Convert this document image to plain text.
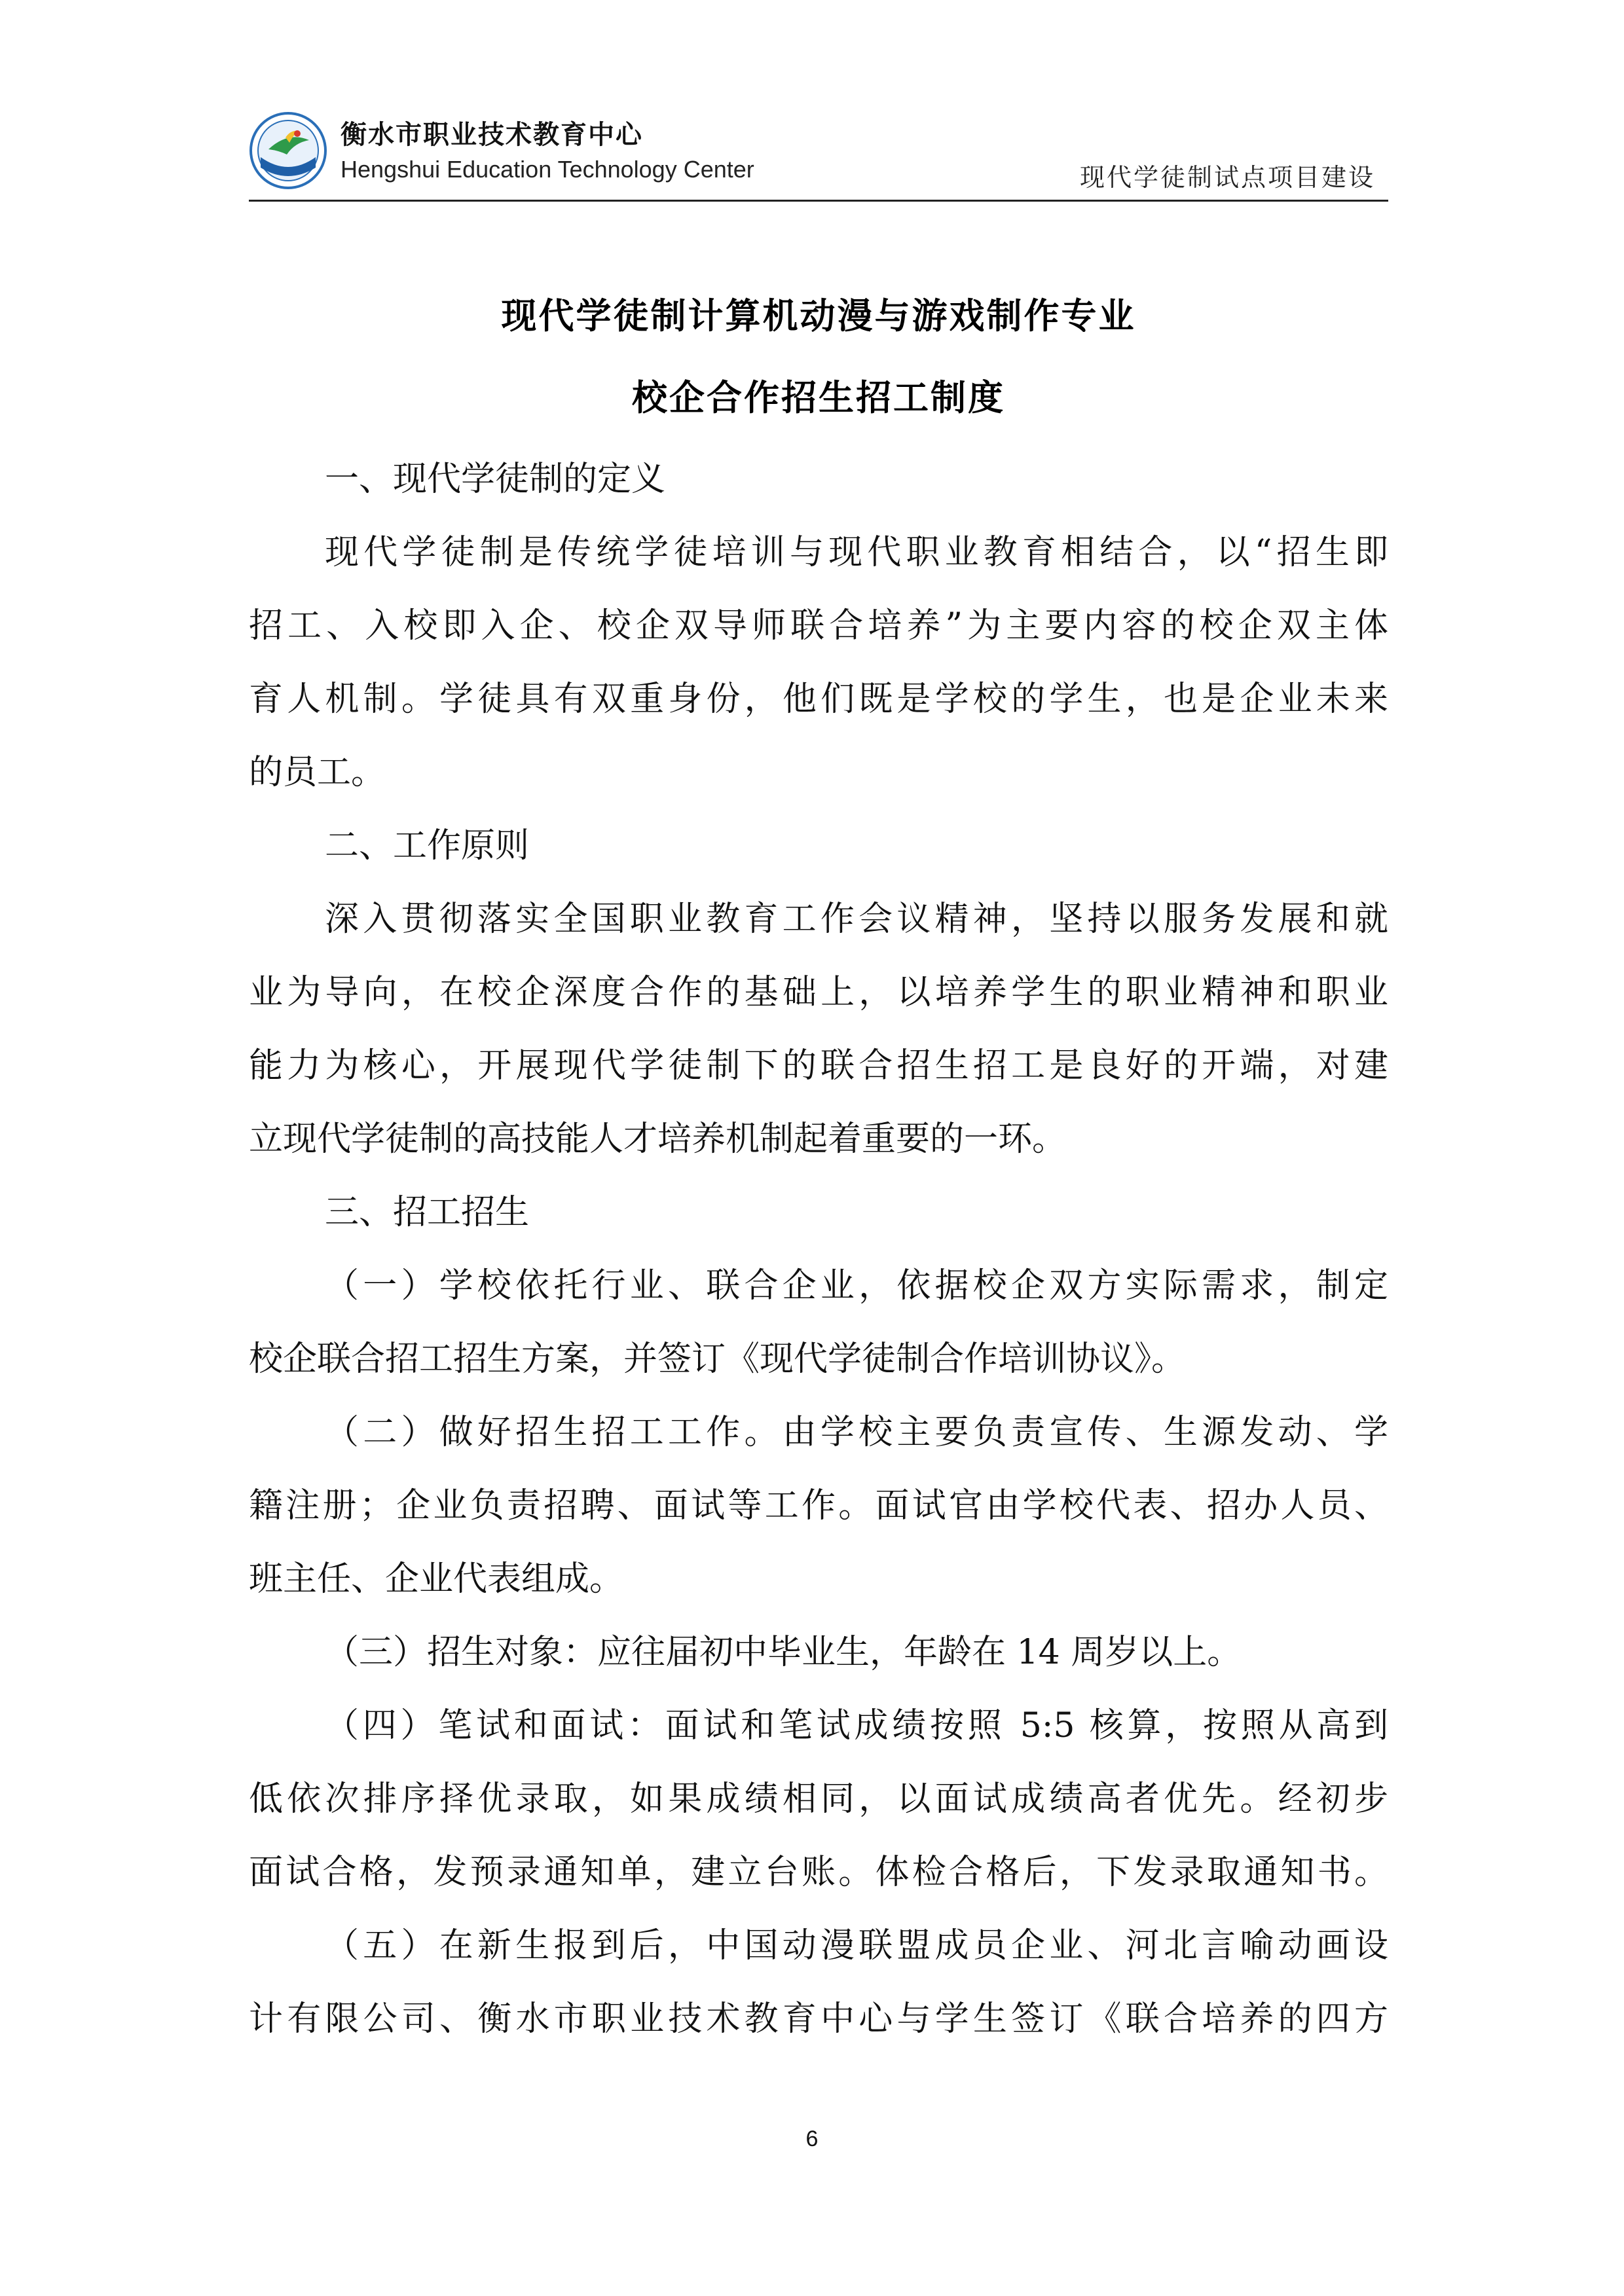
衡水市职业技术教育中心
Hengshui Education Technology Center	现代学徒制试点项目建设
现代学徒制计算机动漫与游戏制作专业
校企合作招生招工制度
一、现代学徒制的定义
现代学徒制是传统学徒培训与现代职业教育相结合，以“招生即
招工、入校即入企、校企双导师联合培养”为主要内容的校企双主体
育人机制。学徒具有双重身份，他们既是学校的学生，也是企业未来
的员工。
二、工作原则
深入贯彻落实全国职业教育工作会议精神，坚持以服务发展和就
业为导向，在校企深度合作的基础上，以培养学生的职业精神和职业
能力为核心，开展现代学徒制下的联合招生招工是良好的开端，对建
立现代学徒制的高技能人才培养机制起着重要的一环。
三、招工招生
（一）学校依托行业、联合企业，依据校企双方实际需求，制定
校企联合招工招生方案，并签订《现代学徒制合作培训协议》。
（二）做好招生招工工作。由学校主要负责宣传、生源发动、学
籍注册；企业负责招聘、面试等工作。面试官由学校代表、招办人员、
班主任、企业代表组成。
（三）招生对象：应往届初中毕业生，年龄在 14 周岁以上。
（四）笔试和面试：面试和笔试成绩按照 5:5 核算，按照从高到
低依次排序择优录取，如果成绩相同，以面试成绩高者优先。经初步
面试合格，发预录通知单，建立台账。体检合格后，下发录取通知书。
（五）在新生报到后，中国动漫联盟成员企业、河北言喻动画设
计有限公司、衡水市职业技术教育中心与学生签订《联合培养的四方
6
